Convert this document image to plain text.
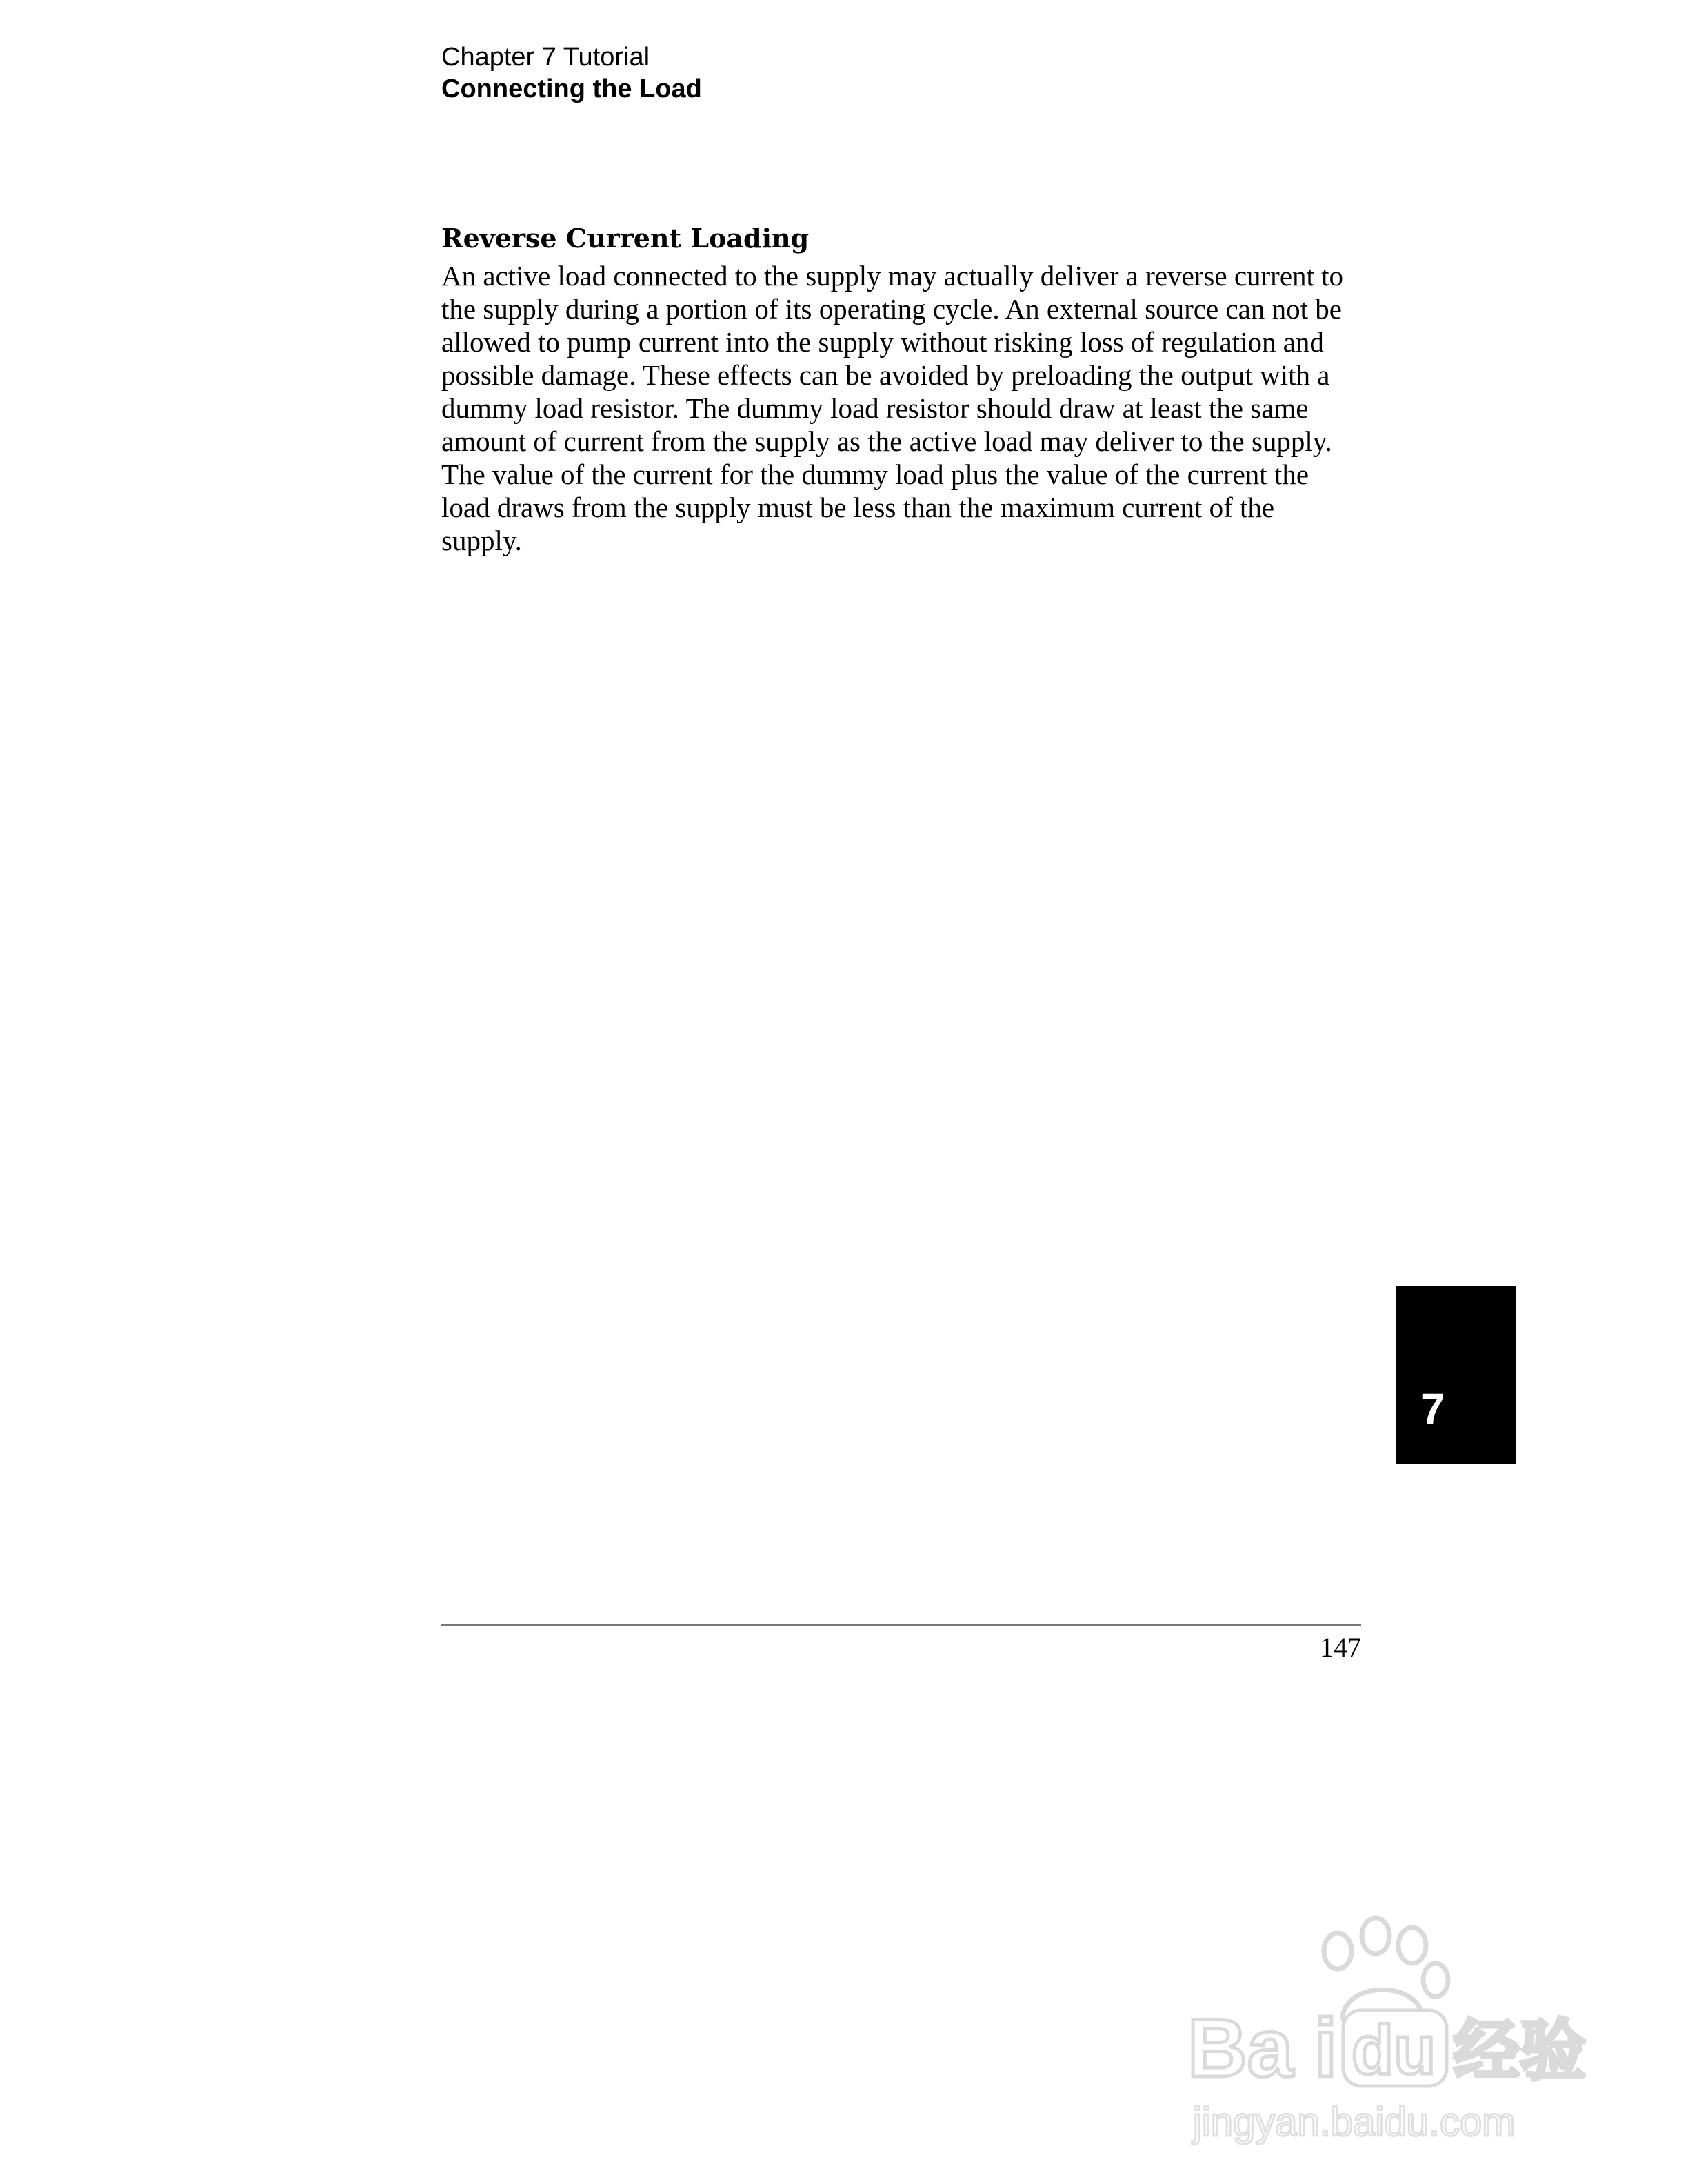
Chapter 7 Tutorial
Connecting the Load
Reverse Current Loading

An active load connected to the supply may actually deliver a reverse current to the supply during a portion of its operating cycle. An external source can not be allowed to pump current into the supply without risking loss of regulation and possible damage. These effects can be avoided by preloading the output with a dummy load resistor. The dummy load resistor should draw at least the same amount of current from the supply as the active load may deliver to the supply. The value of the current for the dummy load plus the value of the current the load draws from the supply must be less than the maximum current of the supply.

7
147
Ba i du 经验
jingyan.baidu.com
